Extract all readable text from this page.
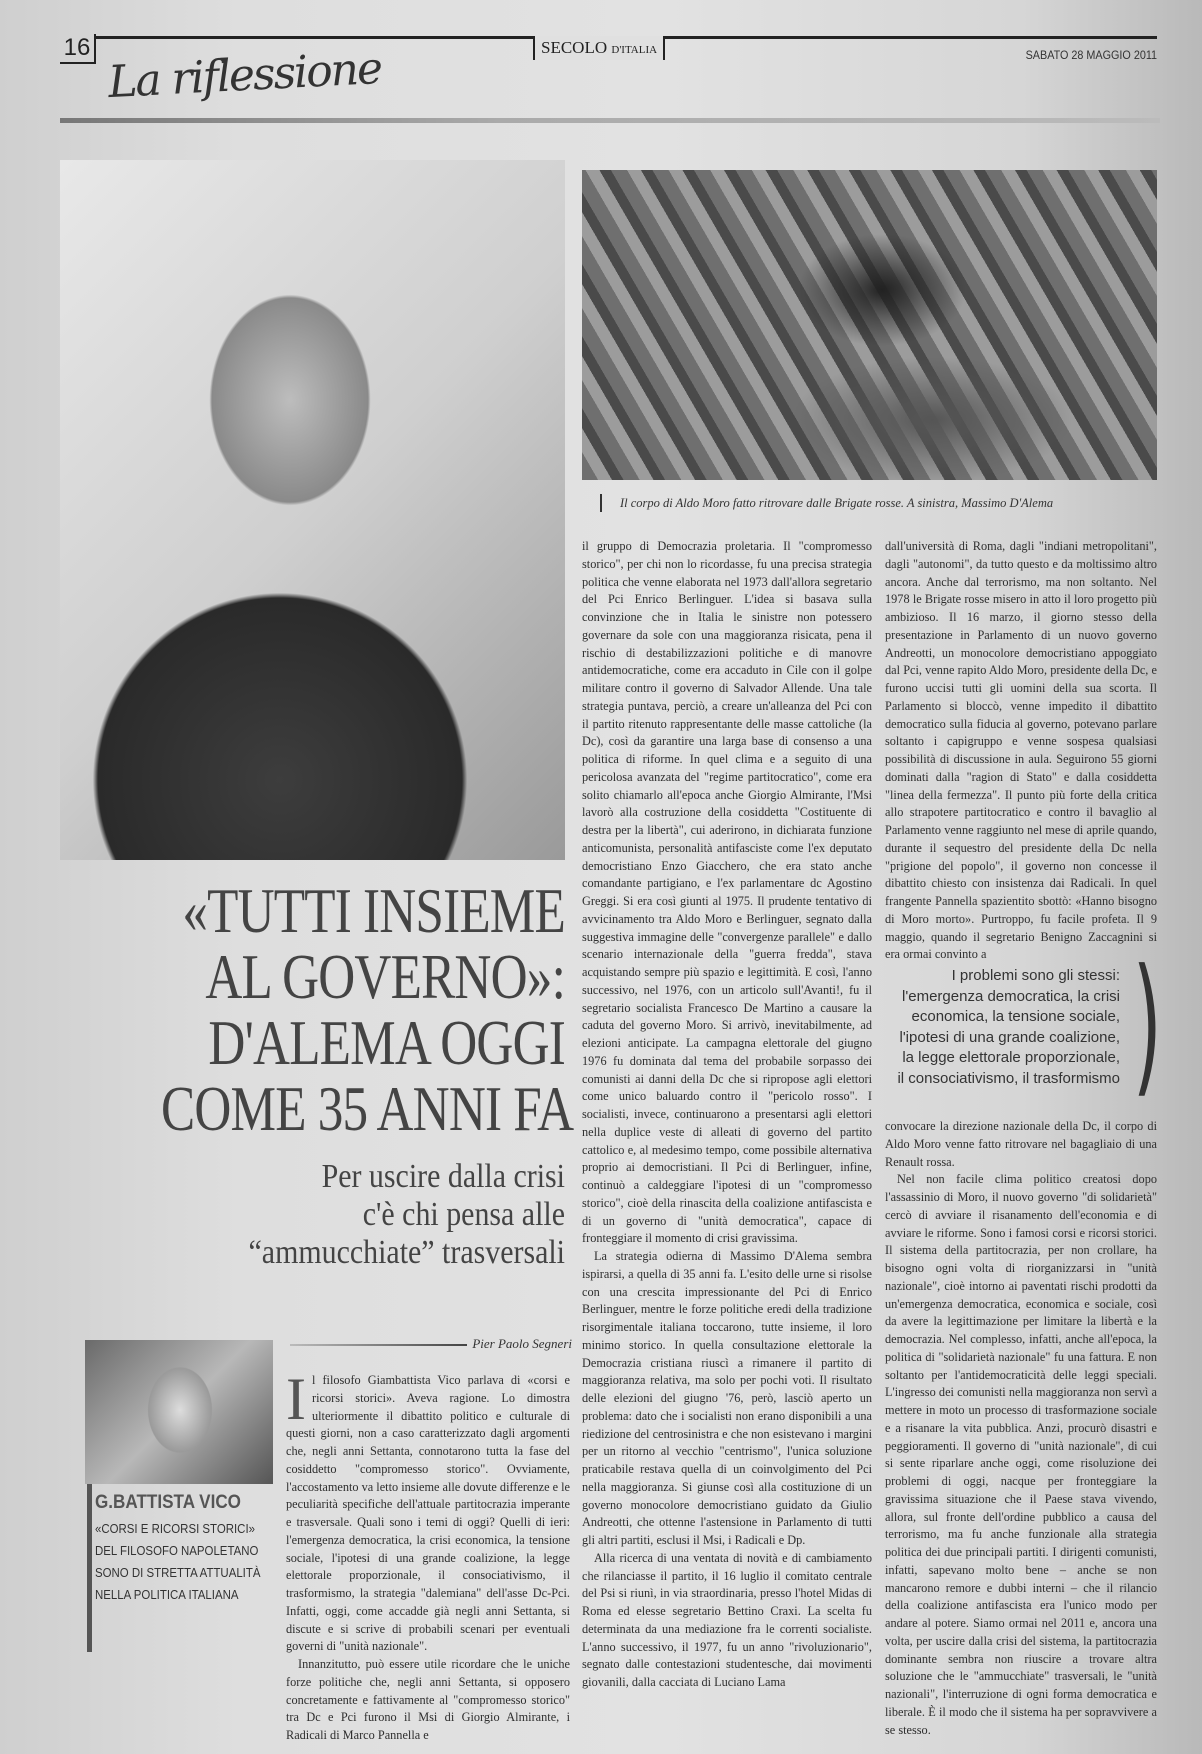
16 La riflessione	SECOLO D'ITALIA	SABATO 28 MAGGIO 2011
Il corpo di Aldo Moro fatto ritrovare dalle Brigate rosse. A sinistra, Massimo D'Alema
«TUTTI INSIEME
AL GOVERNO»:
D'ALEMA OGGI
COME 35 ANNI FA
Per uscire dalla crisi
c'è chi pensa alle
“ammucchiate” trasversali
Pier Paolo Segneri
G.BATTISTA VICO
«CORSI E RICORSI STORICI» DEL FILOSOFO NAPOLETANO SONO DI STRETTA ATTUALITÀ NELLA POLITICA ITALIANA

Il filosofo Giambattista Vico parlava di «corsi e ricorsi storici». Aveva ragione. Lo dimostra ulteriormente il dibattito politico e culturale di questi giorni, non a caso caratterizzato dagli argomenti che, negli anni Settanta, connotarono tutta la fase del cosiddetto "compromesso storico". Ovviamente, l'accostamento va letto insieme alle dovute differenze e le peculiarità specifiche dell'attuale partitocrazia imperante e trasversale. Quali sono i temi di oggi? Quelli di ieri: l'emergenza democratica, la crisi economica, la tensione sociale, l'ipotesi di una grande coalizione, la legge elettorale proporzionale, il consociativismo, il trasformismo, la strategia "dalemiana" dell'asse Dc-Pci. Infatti, oggi, come accadde già negli anni Settanta, si discute e si scrive di probabili scenari per eventuali governi di "unità nazionale".

Innanzitutto, può essere utile ricordare che le uniche forze politiche che, negli anni Settanta, si opposero concretamente e fattivamente al "compromesso storico" tra Dc e Pci furono il Msi di Giorgio Almirante, i Radicali di Marco Pannella e

il gruppo di Democrazia proletaria. Il "compromesso storico", per chi non lo ricordasse, fu una precisa strategia politica che venne elaborata nel 1973 dall'allora segretario del Pci Enrico Berlinguer. L'idea si basava sulla convinzione che in Italia le sinistre non potessero governare da sole con una maggioranza risicata, pena il rischio di destabilizzazioni politiche e di manovre antidemocratiche, come era accaduto in Cile con il golpe militare contro il governo di Salvador Allende. Una tale strategia puntava, perciò, a creare un'alleanza del Pci con il partito ritenuto rappresentante delle masse cattoliche (la Dc), così da garantire una larga base di consenso a una politica di riforme. In quel clima e a seguito di una pericolosa avanzata del "regime partitocratico", come era solito chiamarlo all'epoca anche Giorgio Almirante, l'Msi lavorò alla costruzione della cosiddetta "Costituente di destra per la libertà", cui aderirono, in dichiarata funzione anticomunista, personalità antifasciste come l'ex deputato democristiano Enzo Giacchero, che era stato anche comandante partigiano, e l'ex parlamentare dc Agostino Greggi. Si era così giunti al 1975. Il prudente tentativo di avvicinamento tra Aldo Moro e Berlinguer, segnato dalla suggestiva immagine delle "convergenze parallele" e dallo scenario internazionale della "guerra fredda", stava acquistando sempre più spazio e legittimità. E così, l'anno successivo, nel 1976, con un articolo sull'Avanti!, fu il segretario socialista Francesco De Martino a causare la caduta del governo Moro. Si arrivò, inevitabilmente, ad elezioni anticipate. La campagna elettorale del giugno 1976 fu dominata dal tema del probabile sorpasso dei comunisti ai danni della Dc che si ripropose agli elettori come unico baluardo contro il "pericolo rosso". I socialisti, invece, continuarono a presentarsi agli elettori nella duplice veste di alleati di governo del partito cattolico e, al medesimo tempo, come possibile alternativa proprio ai democristiani. Il Pci di Berlinguer, infine, continuò a caldeggiare l'ipotesi di un "compromesso storico", cioè della rinascita della coalizione antifascista e di un governo di "unità democratica", capace di fronteggiare il momento di crisi gravissima.

La strategia odierna di Massimo D'Alema sembra ispirarsi, a quella di 35 anni fa. L'esito delle urne si risolse con una crescita impressionante del Pci di Enrico Berlinguer, mentre le forze politiche eredi della tradizione risorgimentale italiana toccarono, tutte insieme, il loro minimo storico. In quella consultazione elettorale la Democrazia cristiana riuscì a rimanere il partito di maggioranza relativa, ma solo per pochi voti. Il risultato delle elezioni del giugno '76, però, lasciò aperto un problema: dato che i socialisti non erano disponibili a una riedizione del centrosinistra e che non esistevano i margini per un ritorno al vecchio "centrismo", l'unica soluzione praticabile restava quella di un coinvolgimento del Pci nella maggioranza. Si giunse così alla costituzione di un governo monocolore democristiano guidato da Giulio Andreotti, che ottenne l'astensione in Parlamento di tutti gli altri partiti, esclusi il Msi, i Radicali e Dp.

Alla ricerca di una ventata di novità e di cambiamento che rilanciasse il partito, il 16 luglio il comitato centrale del Psi si riunì, in via straordinaria, presso l'hotel Midas di Roma ed elesse segretario Bettino Craxi. La scelta fu determinata da una mediazione fra le correnti socialiste. L'anno successivo, il 1977, fu un anno "rivoluzionario", segnato dalle contestazioni studentesche, dai movimenti giovanili, dalla cacciata di Luciano Lama

dall'università di Roma, dagli "indiani metropolitani", dagli "autonomi", da tutto questo e da moltissimo altro ancora. Anche dal terrorismo, ma non soltanto. Nel 1978 le Brigate rosse misero in atto il loro progetto più ambizioso. Il 16 marzo, il giorno stesso della presentazione in Parlamento di un nuovo governo Andreotti, un monocolore democristiano appoggiato dal Pci, venne rapito Aldo Moro, presidente della Dc, e furono uccisi tutti gli uomini della sua scorta. Il Parlamento si bloccò, venne impedito il dibattito democratico sulla fiducia al governo, potevano parlare soltanto i capigruppo e venne sospesa qualsiasi possibilità di discussione in aula. Seguirono 55 giorni dominati dalla "ragion di Stato" e dalla cosiddetta "linea della fermezza". Il punto più forte della critica allo strapotere partitocratico e contro il bavaglio al Parlamento venne raggiunto nel mese di aprile quando, durante il sequestro del presidente della Dc nella "prigione del popolo", il governo non concesse il dibattito chiesto con insistenza dai Radicali. In quel frangente Pannella spazientito sbottò: «Hanno bisogno di Moro morto». Purtroppo, fu facile profeta. Il 9 maggio, quando il segretario Benigno Zaccagnini si era ormai convinto a

I problemi sono gli stessi:
l'emergenza democratica, la crisi
economica, la tensione sociale,
l'ipotesi di una grande coalizione,
la legge elettorale proporzionale,
il consociativismo, il trasformismo )

convocare la direzione nazionale della Dc, il corpo di Aldo Moro venne fatto ritrovare nel bagagliaio di una Renault rossa.

Nel non facile clima politico creatosi dopo l'assassinio di Moro, il nuovo governo "di solidarietà" cercò di avviare il risanamento dell'economia e di avviare le riforme. Sono i famosi corsi e ricorsi storici. Il sistema della partitocrazia, per non crollare, ha bisogno ogni volta di riorganizzarsi in "unità nazionale", cioè intorno ai paventati rischi prodotti da un'emergenza democratica, economica e sociale, così da avere la legittimazione per limitare la libertà e la democrazia. Nel complesso, infatti, anche all'epoca, la politica di "solidarietà nazionale" fu una fattura. E non soltanto per l'antidemocraticità delle leggi speciali. L'ingresso dei comunisti nella maggioranza non servì a mettere in moto un processo di trasformazione sociale e a risanare la vita pubblica. Anzi, procurò disastri e peggioramenti. Il governo di "unità nazionale", di cui si sente riparlare anche oggi, come risoluzione dei problemi di oggi, nacque per fronteggiare la gravissima situazione che il Paese stava vivendo, allora, sul fronte dell'ordine pubblico a causa del terrorismo, ma fu anche funzionale alla strategia politica dei due principali partiti. I dirigenti comunisti, infatti, sapevano molto bene – anche se non mancarono remore e dubbi interni – che il rilancio della coalizione antifascista era l'unico modo per andare al potere. Siamo ormai nel 2011 e, ancora una volta, per uscire dalla crisi del sistema, la partitocrazia dominante sembra non riuscire a trovare altra soluzione che le "ammucchiate" trasversali, le "unità nazionali", l'interruzione di ogni forma democratica e liberale. È il modo che il sistema ha per sopravvivere a se stesso.
